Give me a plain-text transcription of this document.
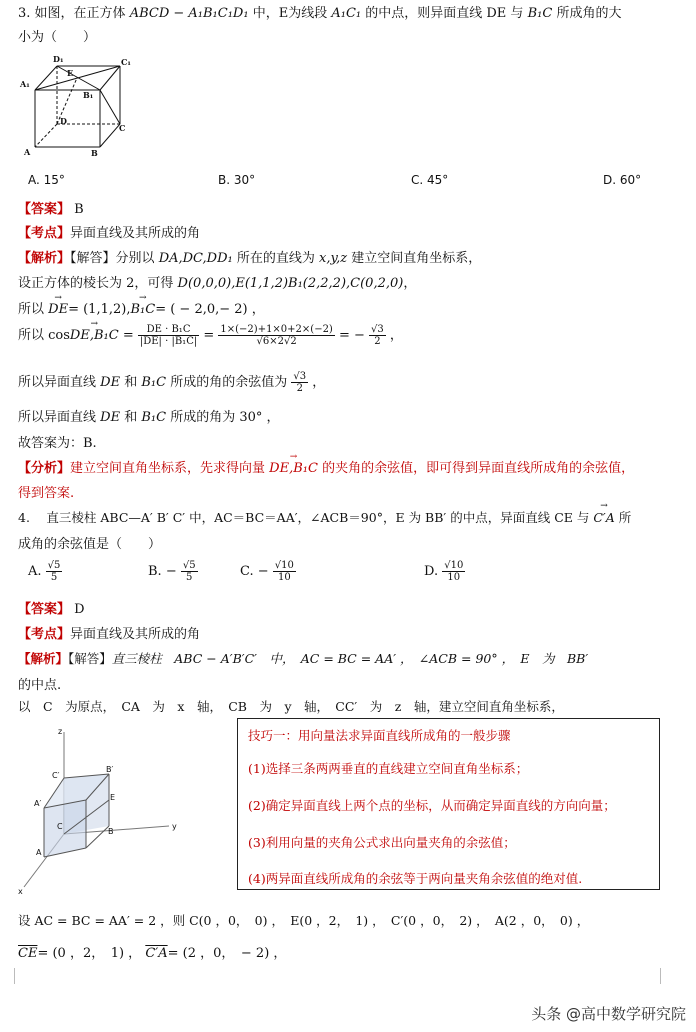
3. 如图，在正方体 ABCD − A₁B₁C₁D₁ 中，E为线段 A₁C₁ 的中点，则异面直线 DE 与 B₁C 所成角的大
小为（　　）
D₁	C₁
A₁
E
B₁
D
C
A	B
A. 15°	B. 30°	C. 45°	D. 60°
【答案】 B
【考点】异面直线及其所成的角
【解析】【解答】分别以 DA,DC,DD₁ 所在的直线为 x,y,z 建立空间直角坐标系，
设正方体的棱长为 2，可得 D(0,0,0),E(1,1,2)B₁(2,2,2),C(0,2,0)，
所以 → DE= (1,1,2),→ B₁C= ( − 2,0,− 2) ，
所以 $\cos\to DE,B_1C = \frac{\text{DE · B₁C}}{\text{|DE| · |B₁C|}} = \frac{1\times(-2)+1\times 0+2\times(-2)}{√6\times 2√2}$ = − $\frac{√3}{2}$ ，
所以异面直线 DE 和 B₁C 所成的角的余弦值为 $\frac{√3}{2}$ ，
所以异面直线 DE 和 B₁C 所成的角为 30° ，
故答案为：B.
【分析】建立空间直角坐标系，先求得向量 → DE,B₁C 的夹角的余弦值，即可得到异面直线所成角的余弦值，
得到答案.
4.　 直三棱柱 ABC—A′ B′ C′ 中，AC＝BC＝AA′，∠ACB＝90°，E 为 BB′ 的中点，异面直线 CE 与 → C′A 所
成角的余弦值是（　　）
A. $\frac{√5}{5}$	B. − $\frac{√5}{5}$	C. − $\frac{√10}{10}$	D. $\frac{√10}{10}$
【答案】 D
【考点】异面直线及其所成的角
【解析】【解答】直三棱柱　ABC − A′B′C′　中，　AC = BC = AA′ ，　∠ACB = 90° ，　E　为　BB′
的中点.
以　C　为原点，　CA　为　x　轴，　CB　为　y　轴，　CC′　为　z　轴，建立空间直角坐标系，
z
C′
B′
A′
E
C	y
A
B
x
技巧一：用向量法求异面直线所成角的一般步骤
(1)选择三条两两垂直的直线建立空间直角坐标系；
(2)确定异面直线上两个点的坐标，从而确定异面直线的方向向量；
(3)利用向量的夹角公式求出向量夹角的余弦值；
(4)两异面直线所成角的余弦等于两向量夹角余弦值的绝对值.
设 AC = BC = AA′ = 2 ，则 C(0 ，0，　0) ，　E(0 ，2，　1) ，　C′(0 ，0，　2) ，　A(2 ，0，　0) ，
$\overline{CE}= (0$ ，2，　1) ， C′A= (2 ，0，　− 2) ，
头条 @高中数学研究院
